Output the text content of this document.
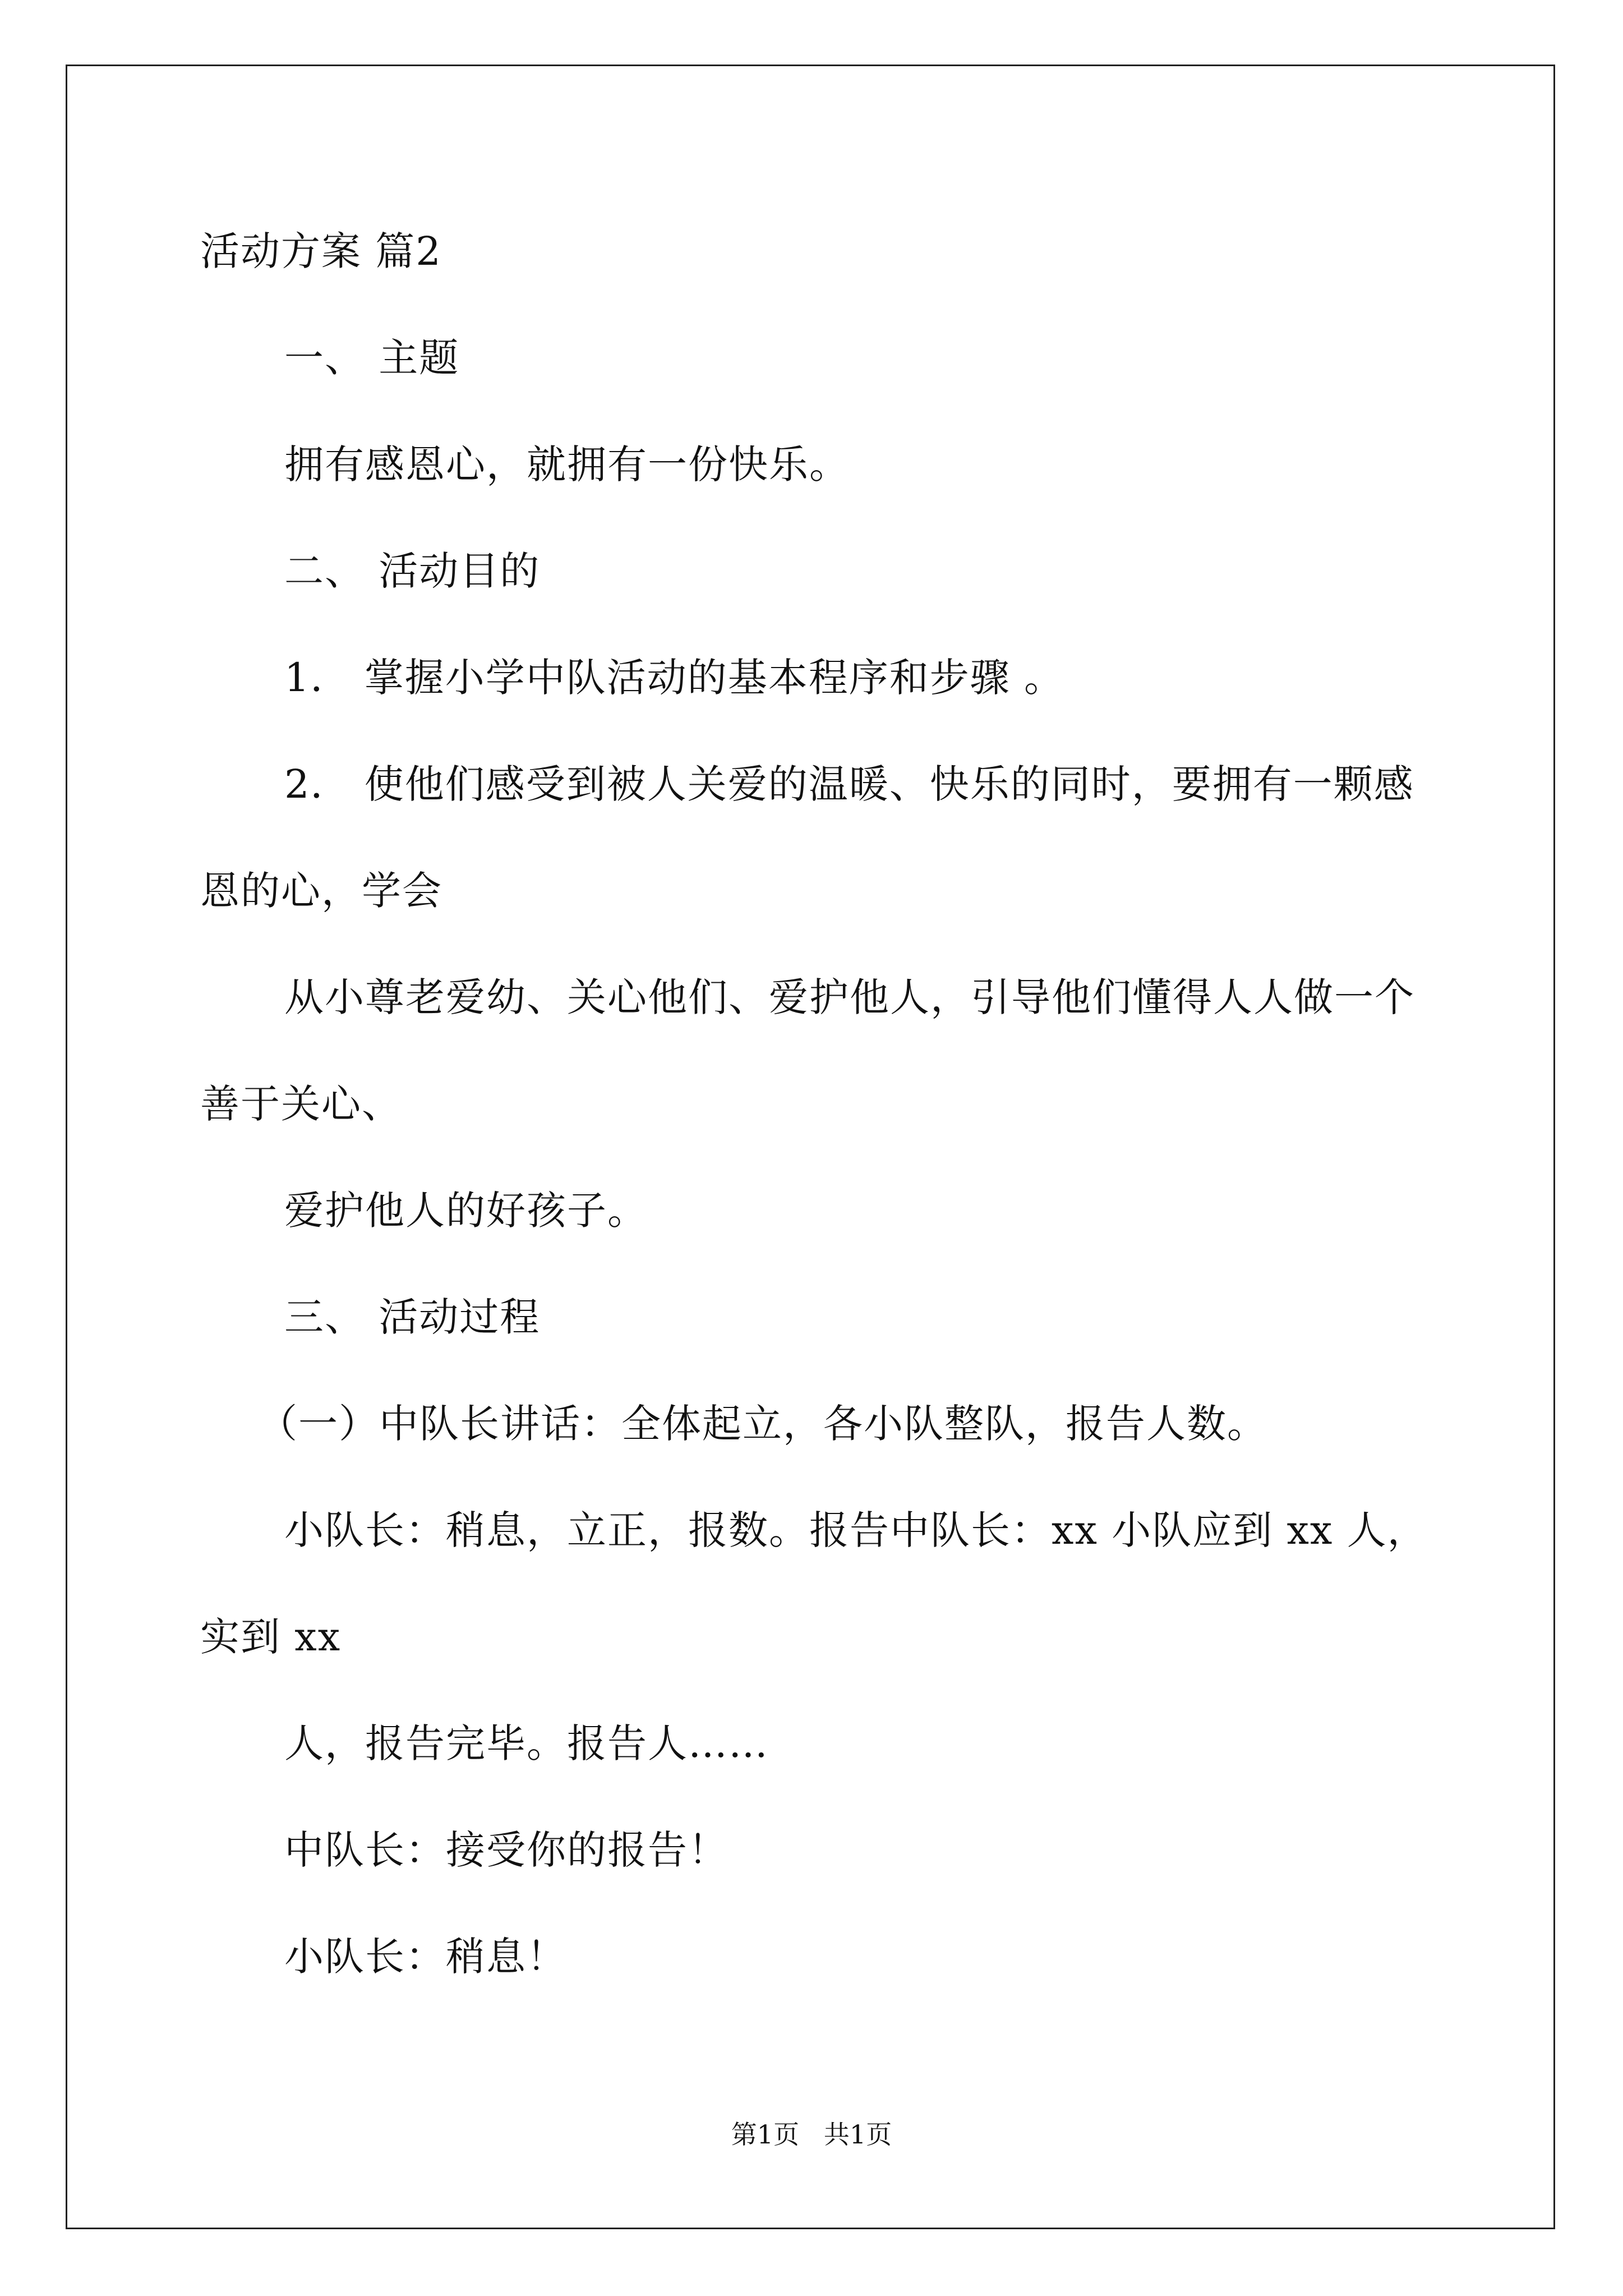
活动方案 篇2
一、 主题
拥有感恩心，就拥有一份快乐。
二、 活动目的
1． 掌握小学中队活动的基本程序和步骤 。
2． 使他们感受到被人关爱的温暖、快乐的同时，要拥有一颗感
恩的心，学会
从小尊老爱幼、关心他们、爱护他人，引导他们懂得人人做一个
善于关心、
爱护他人的好孩子。
三、 活动过程
（一）中队长讲话：全体起立，各小队整队，报告人数。
小队长：稍息，立正，报数。报告中队长：xx 小队应到 xx 人，
实到 xx
人，报告完毕。报告人……
中队长：接受你的报告！
小队长：稍息！
第1页   共1页
